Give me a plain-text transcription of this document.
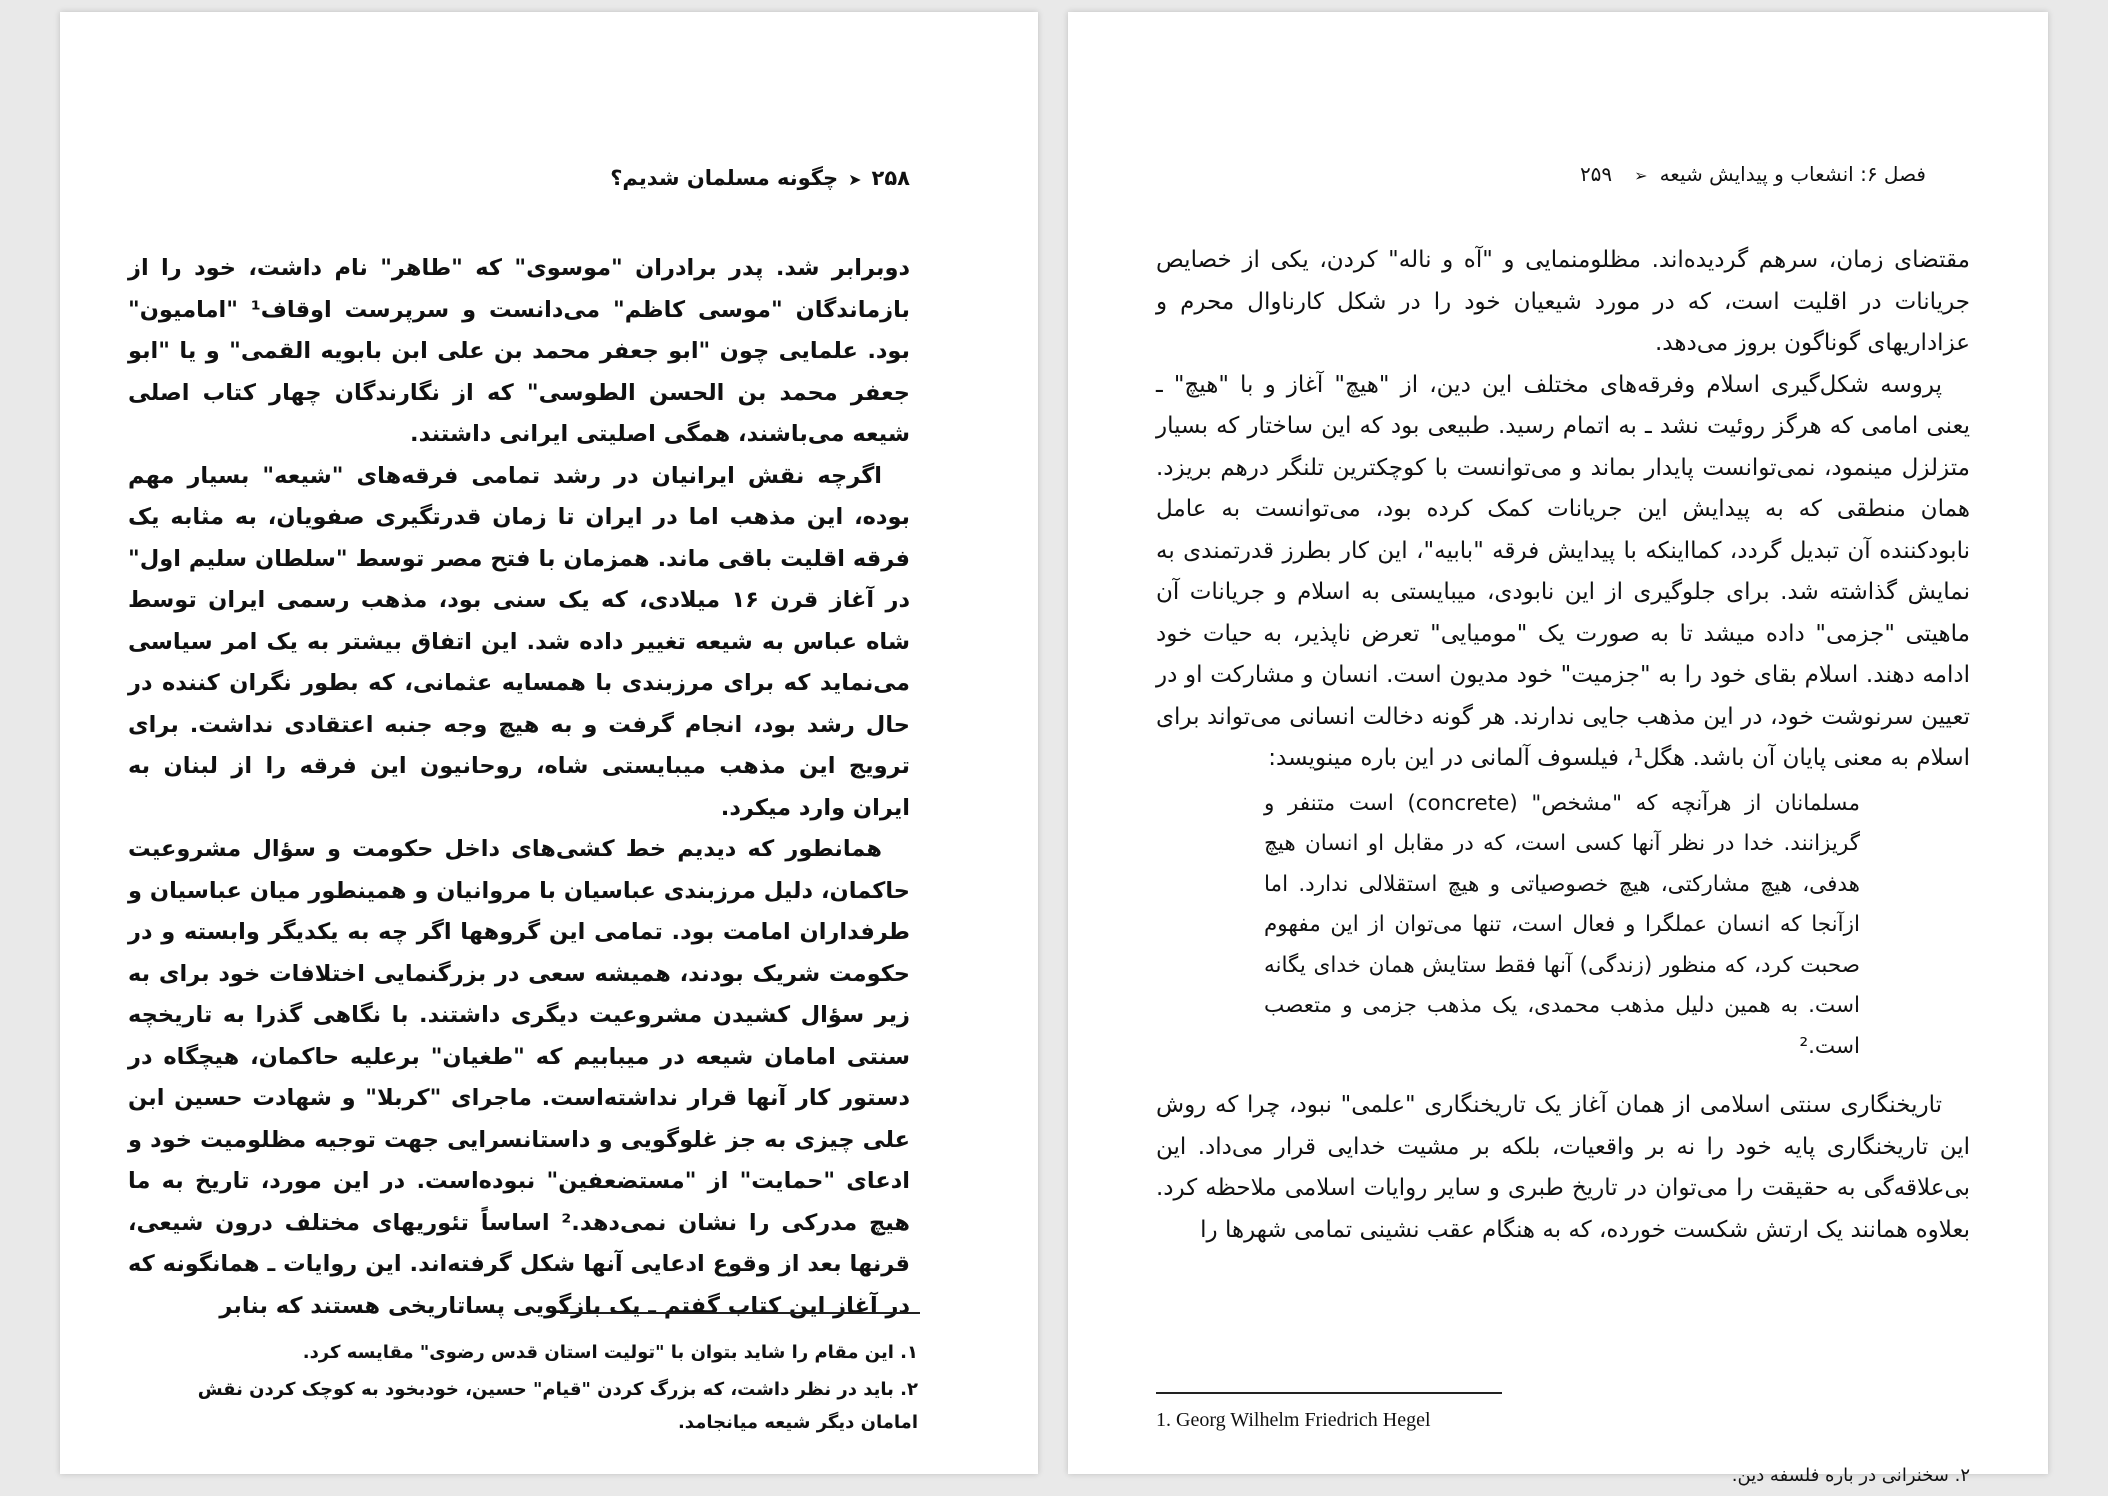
۲۵۸➤چگونه مسلمان شدیم؟

دوبرابر شد. پدر برادران "موسوی" که "طاهر" نام داشت، خود را از بازماندگان "موسی کاظم" می‌دانست و سرپرست اوقاف¹ "امامیون" بود. علمایی چون "ابو جعفر محمد بن علی ابن بابویه القمی" و یا "ابو جعفر محمد بن الحسن الطوسی" که از نگارندگان چهار کتاب اصلی شیعه می‌باشند، همگی اصلیتی ایرانی داشتند.

اگرچه نقش ایرانیان در رشد تمامی فرقه‌های "شیعه" بسیار مهم بوده، این مذهب اما در ایران تا زمان قدرتگیری صفویان، به مثابه یک فرقه اقلیت باقی ماند. همزمان با فتح مصر توسط "سلطان سلیم اول" در آغاز قرن ۱۶ میلادی، که یک سنی بود، مذهب رسمی ایران توسط شاه عباس به شیعه تغییر داده شد. این اتفاق بیشتر به یک امر سیاسی می‌نماید که برای مرزبندی با همسایه عثمانی، که بطور نگران کننده در حال رشد بود، انجام گرفت و به هیچ وجه جنبه اعتقادی نداشت. برای ترویج این مذهب میبایستی شاه، روحانیون این فرقه را از لبنان به ایران وارد میکرد.

همانطور که دیدیم خط کشی‌های داخل حکومت و سؤال مشروعیت حاکمان، دلیل مرزبندی عباسیان با مروانیان و همینطور میان عباسیان و طرفداران امامت بود. تمامی این گروهها اگر چه به یکدیگر وابسته و در حکومت شریک بودند، همیشه سعی در بزرگنمایی اختلافات خود برای به زیر سؤال کشیدن مشروعیت دیگری داشتند. با نگاهی گذرا به تاریخچه سنتی امامان شیعه در میبابیم که "طغیان" برعلیه حاکمان، هیچگاه در دستور کار آنها قرار نداشته‌است. ماجرای "کربلا" و شهادت حسین ابن علی چیزی به جز غلوگویی و داستانسرایی جهت توجیه مظلومیت خود و ادعای "حمایت" از "مستضعفین" نبوده‌است. در این مورد، تاریخ به ما هیچ مدرکی را نشان نمی‌دهد.² اساساً تئوریهای مختلف درون شیعی، قرنها بعد از وقوع ادعایی آنها شکل گرفته‌اند. این روایات ـ همانگونه که در آغاز این کتاب گفتم ـ یک بازگویی پساتاریخی هستند که بنابر

۱. این مقام را شاید بتوان با "تولیت استان قدس رضوی" مقایسه کرد.

۲. باید در نظر داشت، که بزرگ کردن "قیام" حسین، خودبخود به کوچک کردن نقش امامان دیگر شیعه میانجامد.

فصل ۶: انشعاب و پیدایش شیعه➢۲۵۹

مقتضای زمان، سرهم گردیده‌اند. مظلومنمایی و "آه و ناله" کردن، یکی از خصایص جریانات در اقلیت است، که در مورد شیعیان خود را در شکل کارناوال محرم و عزاداریهای گوناگون بروز می‌دهد.

پروسه شکل‌گیری اسلام وفرقه‌های مختلف این دین، از "هیچ" آغاز و با "هیچ" ـ یعنی امامی که هرگز روئیت نشد ـ به اتمام رسید. طبیعی بود که این ساختار که بسیار متزلزل مینمود، نمی‌توانست پایدار بماند و می‌توانست با کوچکترین تلنگر درهم بریزد. همان منطقی که به پیدایش این جریانات کمک کرده بود، می‌توانست به عامل نابودکننده آن تبدیل گردد، کمااینکه با پیدایش فرقه "بابیه"، این کار بطرز قدرتمندی به نمایش گذاشته شد. برای جلوگیری از این نابودی، میبایستی به اسلام و جریانات آن ماهیتی "جزمی" داده میشد تا به صورت یک "مومیایی" تعرض ناپذیر، به حیات خود ادامه دهند. اسلام بقای خود را به "جزمیت" خود مدیون است. انسان و مشارکت او در تعیین سرنوشت خود، در این مذهب جایی ندارند. هر گونه دخالت انسانی می‌تواند برای اسلام به معنی پایان آن باشد. هگل¹، فیلسوف آلمانی در این باره مینویسد:

مسلمانان از هرآنچه که "مشخص" (concrete) است متنفر و گریزانند. خدا در نظر آنها کسی است، که در مقابل او انسان هیچ هدفی، هیچ مشارکتی، هیچ خصوصیاتی و هیچ استقلالی ندارد. اما ازآنجا که انسان عملگرا و فعال است، تنها می‌توان از این مفهوم صحبت کرد، که منظور (زندگی) آنها فقط ستایش همان خدای یگانه است. به همین دلیل مذهب محمدی، یک مذهب جزمی و متعصب است.²

تاریخنگاری سنتی اسلامی از همان آغاز یک تاریخنگاری "علمی" نبود، چرا که روش این تاریخنگاری پایه خود را نه بر واقعیات، بلکه بر مشیت خدایی قرار می‌داد. این بی‌علاقه‌گی به حقیقت را می‌توان در تاریخ طبری و سایر روایات اسلامی ملاحظه کرد. بعلاوه همانند یک ارتش شکست خورده، که به هنگام عقب نشینی تمامی شهرها را

1. Georg Wilhelm Friedrich Hegel

۲. سخنرانی در باره فلسفه دین.
